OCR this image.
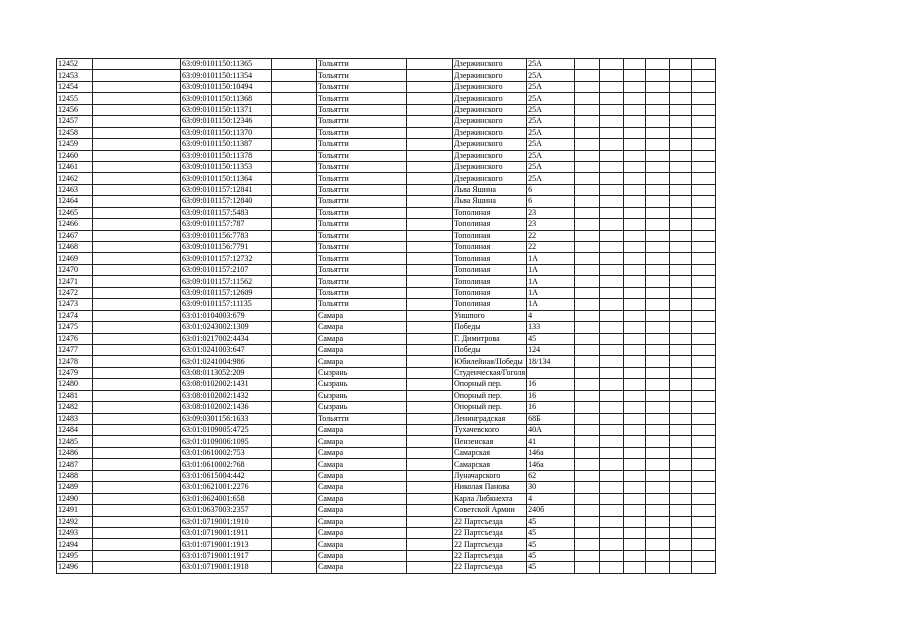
12452		63:09:0101150:11365		Тольятти		Дзержинского	25А						
12453		63:09:0101150:11354		Тольятти		Дзержинского	25А						
12454		63:09:0101150:10494		Тольятти		Дзержинского	25А						
12455		63:09:0101150:11368		Тольятти		Дзержинского	25А						
12456		63:09:0101150:11371		Тольятти		Дзержинского	25А						
12457		63:09:0101150:12346		Тольятти		Дзержинского	25А						
12458		63:09:0101150:11370		Тольятти		Дзержинского	25А						
12459		63:09:0101150:11387		Тольятти		Дзержинского	25А						
12460		63:09:0101150:11378		Тольятти		Дзержинского	25А						
12461		63:09:0101150:11353		Тольятти		Дзержинского	25А						
12462		63:09:0101150:11364		Тольятти		Дзержинского	25А						
12463		63:09:0101157:12841		Тольятти		Льва Яшина	6						
12464		63:09:0101157:12840		Тольятти		Льва Яшина	6						
12465		63:09:0101157:5483		Тольятти		Тополиная	23						
12466		63:09:0101157:787		Тольятти		Тополиная	23						
12467		63:09:0101156:7783		Тольятти		Тополиная	22						
12468		63:09:0101156:7791		Тольятти		Тополиная	22						
12469		63:09:0101157:12732		Тольятти		Тополиная	1А						
12470		63:09:0101157:2107		Тольятти		Тополиная	1А						
12471		63:09:0101157:11562		Тольятти		Тополиная	1А						
12472		63:09:0101157:12609		Тольятти		Тополиная	1А						
12473		63:09:0101157:11135		Тольятти		Тополиная	1А						
12474		63:01:0104003:679		Самара		Уншпого	4						
12475		63:01:0243002:1309		Самара		Победы	133						
12476		63:01:0217002:4434		Самара		Г. Димитрова	45						
12477		63:01:0241003:647		Самара		Победы	124						
12478		63:01:0241004:986		Самара		Юбилейная/Победы	18/134						
12479		63:08:0113052:209		Сызрань		Студенческая/Гоголя							
12480		63:08:0102002:1431		Сызрань		Опорный пер.	16						
12481		63:08:0102002:1432		Сызрань		Опорный пер.	16						
12482		63:08:0102002:1436		Сызрань		Опорный пер.	16						
12483		63:09:0301156:1633		Тольятти		Ленинградская	68Б						
12484		63:01:0109005:4725		Самара		Тухачевского	40А						
12485		63:01:0109006:1095		Самара		Пензенская	41						
12486		63:01:0610002:753		Самара		Самарская	146а						
12487		63:01:0610002:768		Самара		Самарская	146а						
12488		63:01:0615004:442		Самара		Луначарского	62						
12489		63:01:0621001:2276		Самара		Николая Панова	30						
12490		63:01:0624001:658		Самара		Карла Либкнехта	4						
12491		63:01:0637003:2357		Самара		Советской Армии	240б						
12492		63:01:0719001:1910		Самара		22 Партсъезда	45						
12493		63:01:0719001:1911		Самара		22 Партсъезда	45						
12494		63:01:0719001:1913		Самара		22 Партсъезда	45						
12495		63:01:0719001:1917		Самара		22 Партсъезда	45						
12496		63:01:0719001:1918		Самара		22 Партсъезда	45						
